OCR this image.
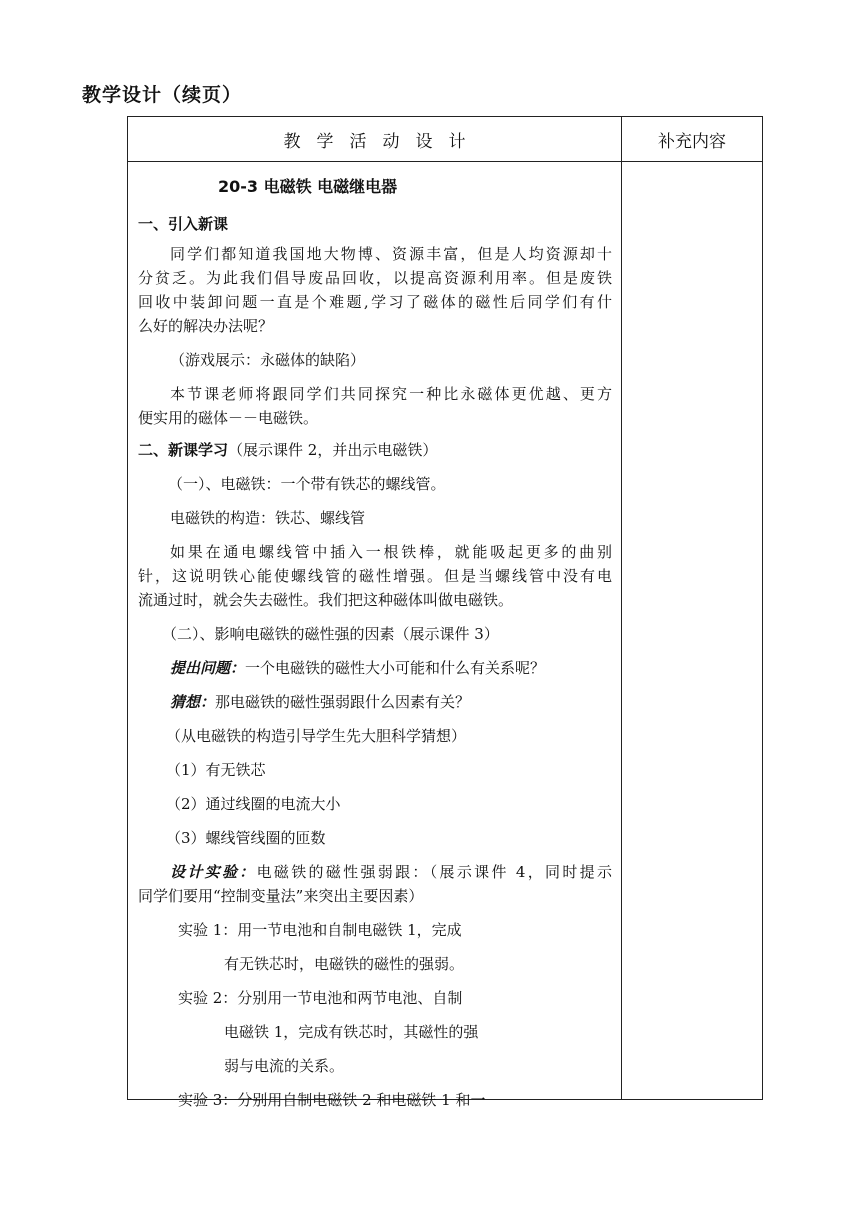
教学设计（续页）
教 学 活 动 设 计	补充内容
20-3 电磁铁 电磁继电器
一、引入新课
同学们都知道我国地大物博、资源丰富，但是人均资源却十
分贫乏。为此我们倡导废品回收，以提高资源利用率。但是废铁
回收中装卸问题一直是个难题,学习了磁体的磁性后同学们有什
么好的解决办法呢？
（游戏展示：永磁体的缺陷）
本节课老师将跟同学们共同探究一种比永磁体更优越、更方
便实用的磁体－－电磁铁。
二、新课学习（展示课件 2，并出示电磁铁）
（一）、电磁铁：一个带有铁芯的螺线管。
电磁铁的构造：铁芯、螺线管
如果在通电螺线管中插入一根铁棒，就能吸起更多的曲别
针，这说明铁心能使螺线管的磁性增强。但是当螺线管中没有电
流通过时，就会失去磁性。我们把这种磁体叫做电磁铁。
（二）、影响电磁铁的磁性强的因素（展示课件 3）
提出问题：一个电磁铁的磁性大小可能和什么有关系呢？
猜想：那电磁铁的磁性强弱跟什么因素有关？
（从电磁铁的构造引导学生先大胆科学猜想）
（1）有无铁芯
（2）通过线圈的电流大小
（3）螺线管线圈的匝数
设计实验：电磁铁的磁性强弱跟：（展示课件 4，同时提示
同学们要用“控制变量法”来突出主要因素）
实验 1：用一节电池和自制电磁铁 1，完成
有无铁芯时，电磁铁的磁性的强弱。
实验 2：分别用一节电池和两节电池、自制
电磁铁 1，完成有铁芯时，其磁性的强
弱与电流的关系。
实验 3：分别用自制电磁铁 2 和电磁铁 1 和一
